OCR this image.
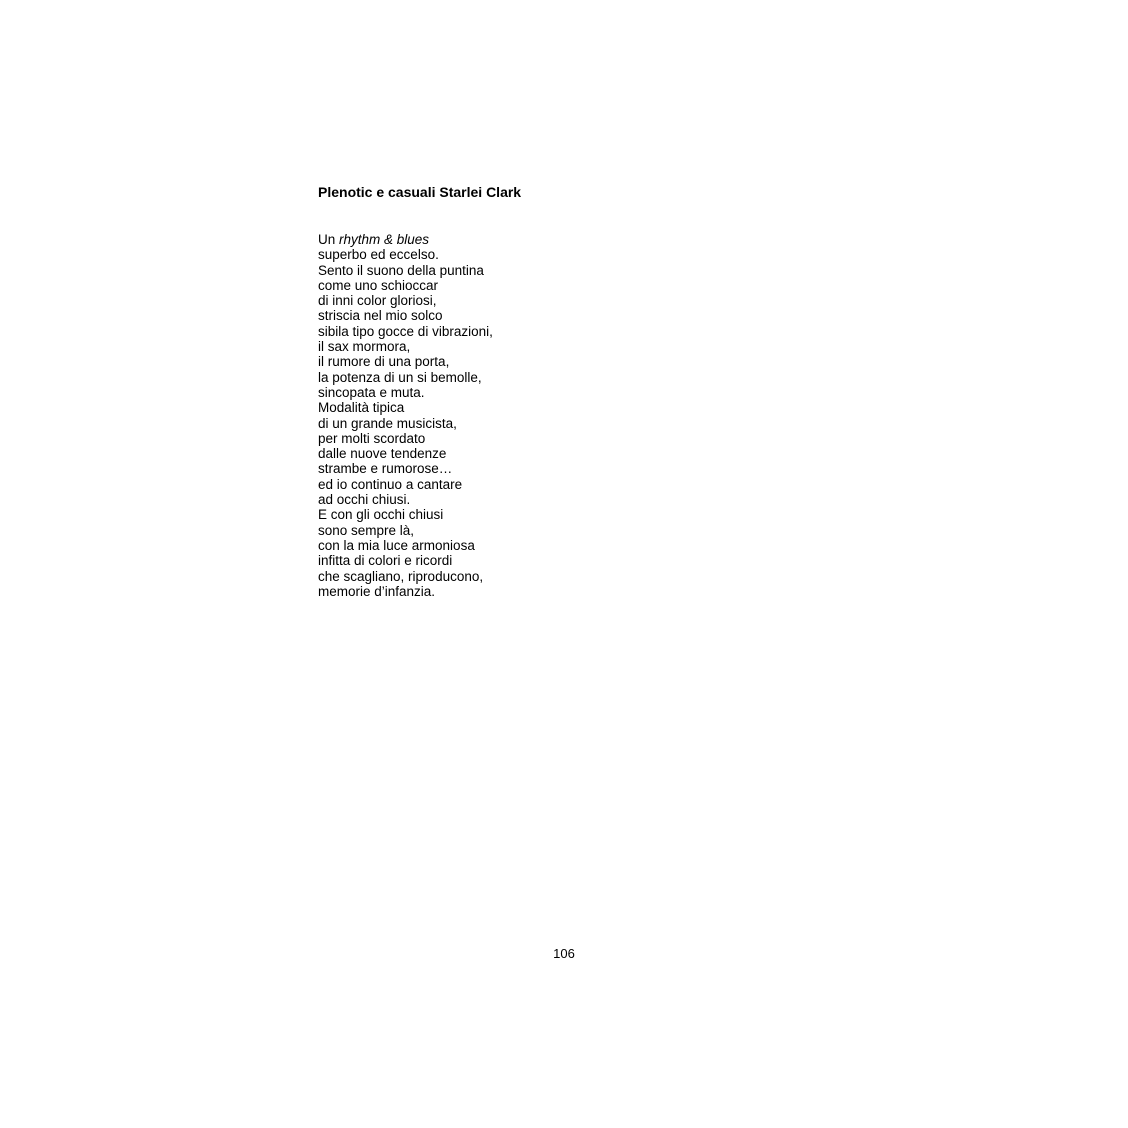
Plenotic e casuali Starlei Clark
Un rhythm & blues
superbo ed eccelso.
Sento il suono della puntina
come uno schioccar
di inni color gloriosi,
striscia nel mio solco
sibila tipo gocce di vibrazioni,
il sax mormora,
il rumore di una porta,
la potenza di un si bemolle,
sincopata e muta.
Modalità tipica
di un grande musicista,
per molti scordato
dalle nuove tendenze
strambe e rumorose…
ed io continuo a cantare
ad occhi chiusi.
E con gli occhi chiusi
sono sempre là,
con la mia luce armoniosa
infitta di colori e ricordi
che scagliano, riproducono,
memorie d’infanzia.

106
